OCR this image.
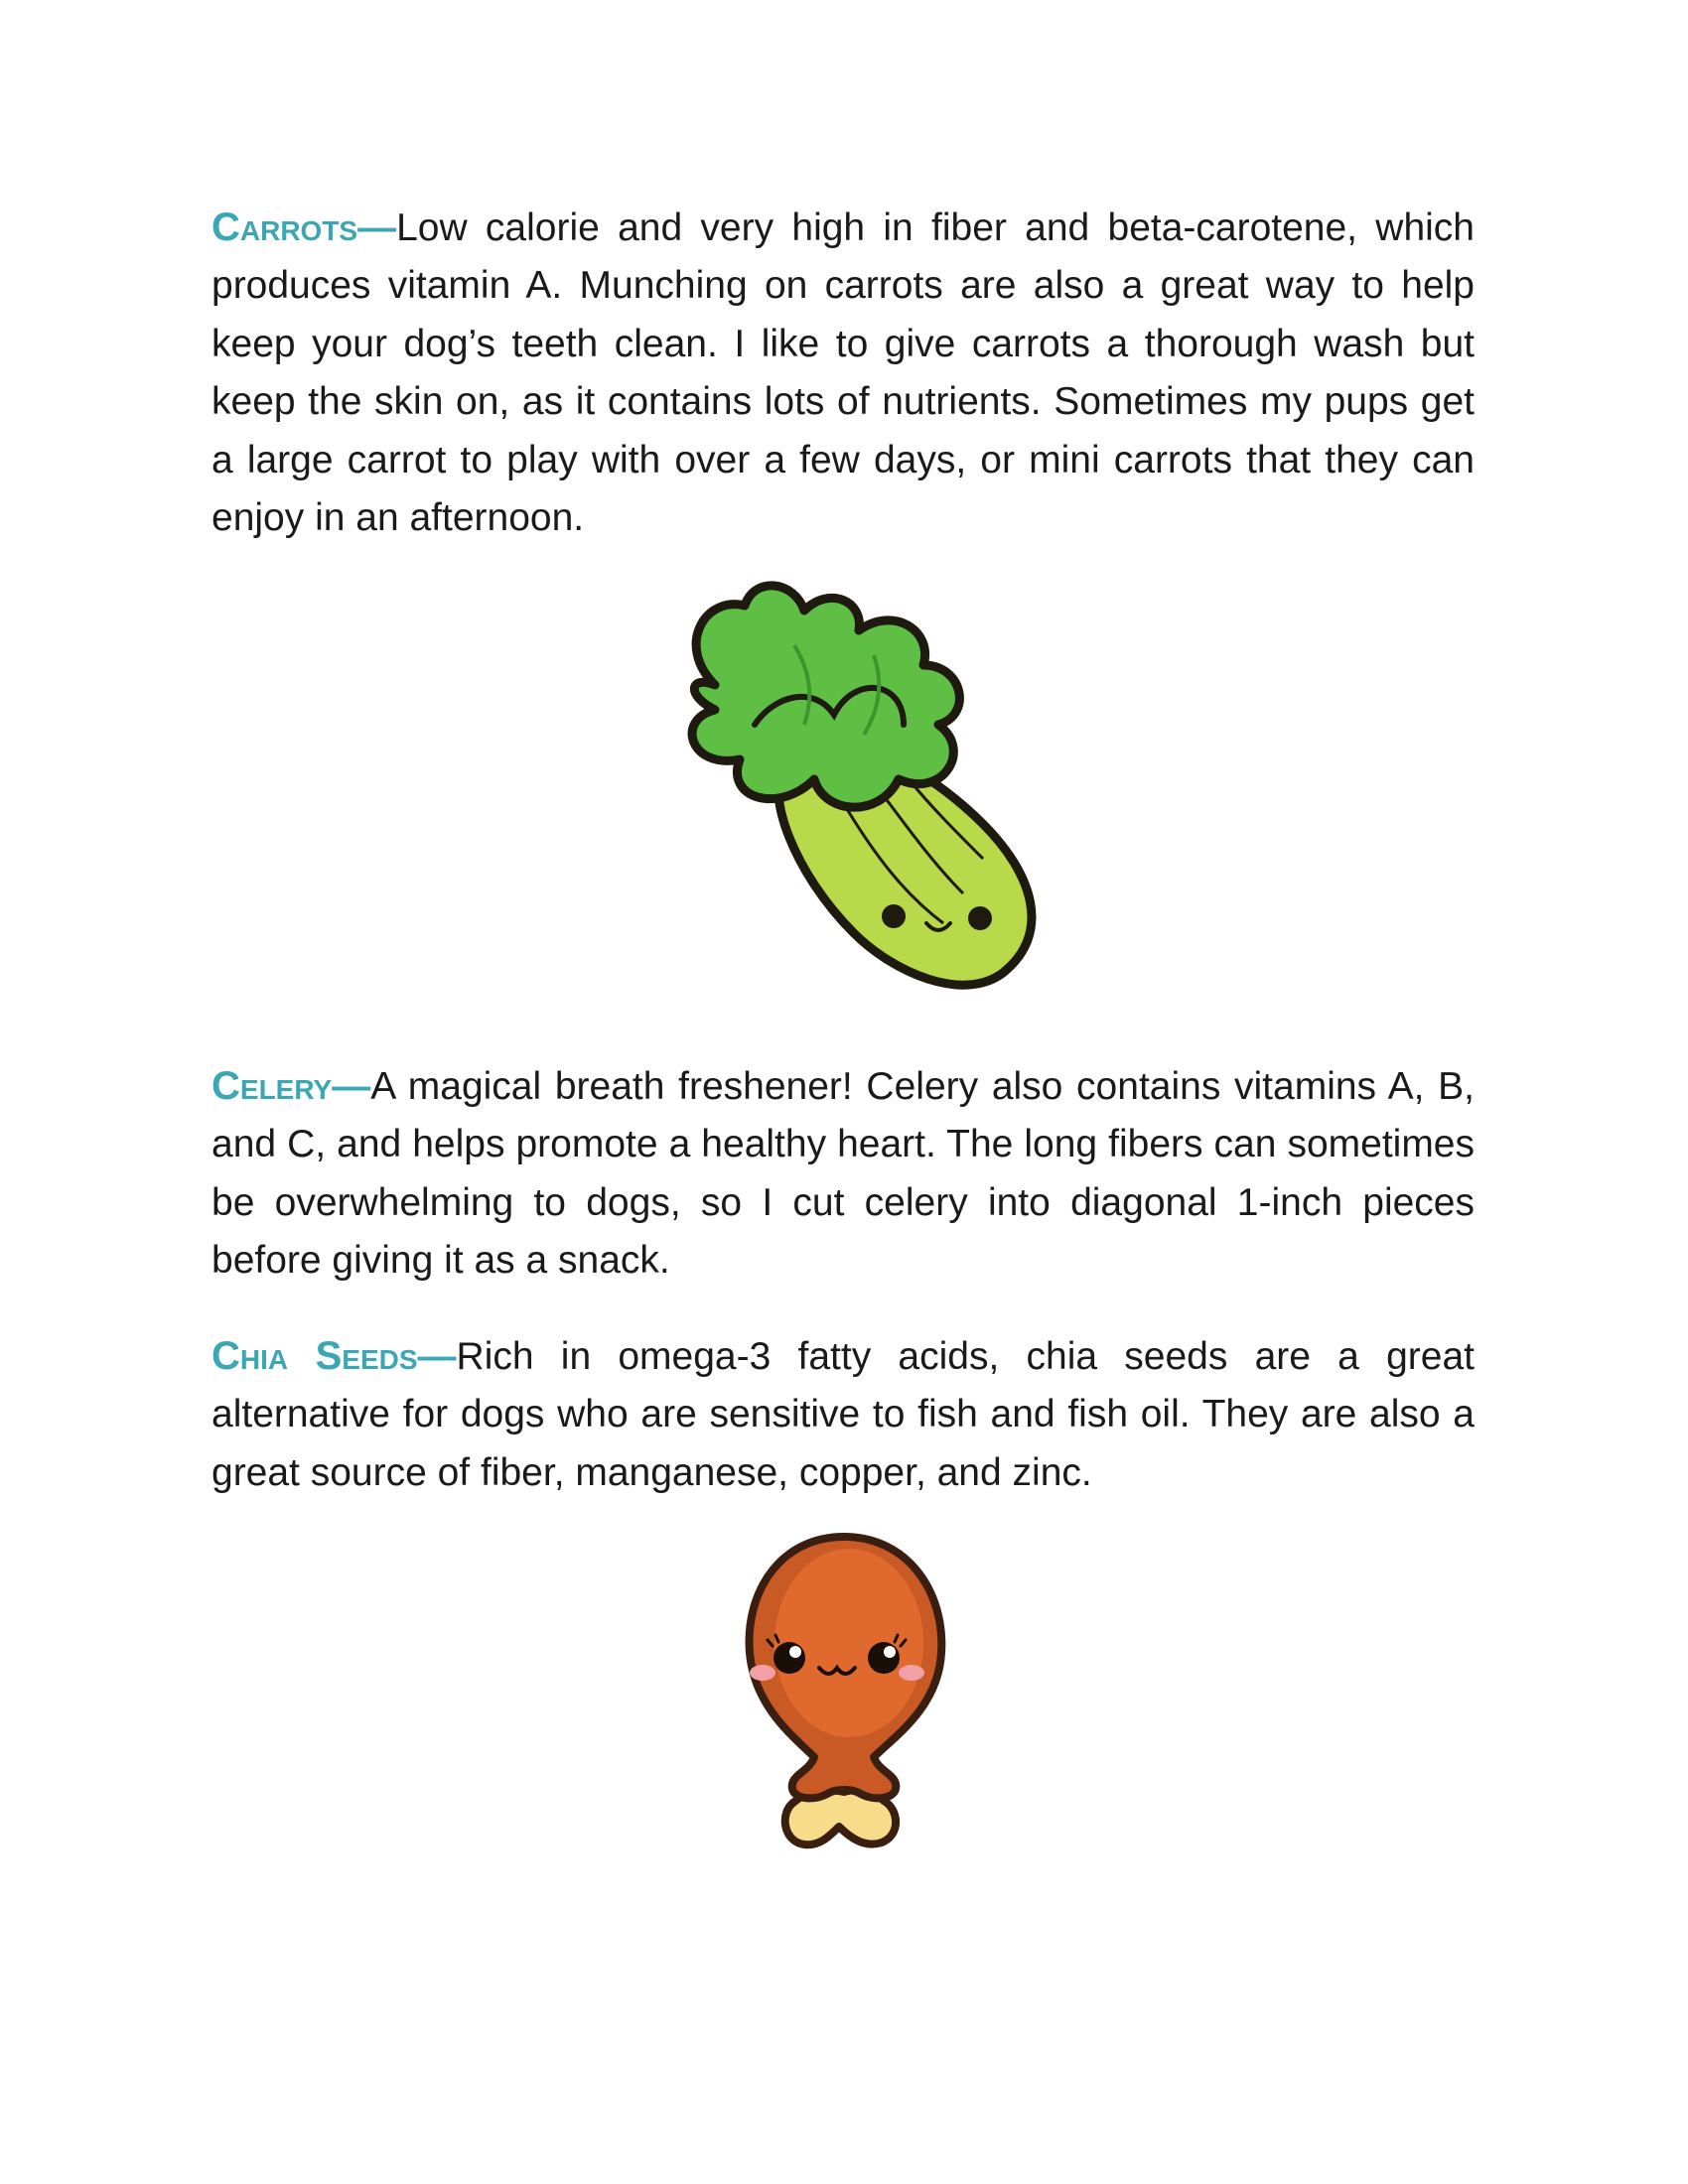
Carrots—Low calorie and very high in fiber and beta-carotene, which produces vitamin A. Munching on carrots are also a great way to help keep your dog’s teeth clean. I like to give carrots a thorough wash but keep the skin on, as it contains lots of nutrients. Sometimes my pups get a large carrot to play with over a few days, or mini carrots that they can enjoy in an afternoon.

Celery—A magical breath freshener! Celery also contains vitamins A, B, and C, and helps promote a healthy heart. The long fibers can sometimes be overwhelming to dogs, so I cut celery into diagonal 1-inch pieces before giving it as a snack.

Chia Seeds—Rich in omega-3 fatty acids, chia seeds are a great alternative for dogs who are sensitive to fish and fish oil. They are also a great source of fiber, manganese, copper, and zinc.
